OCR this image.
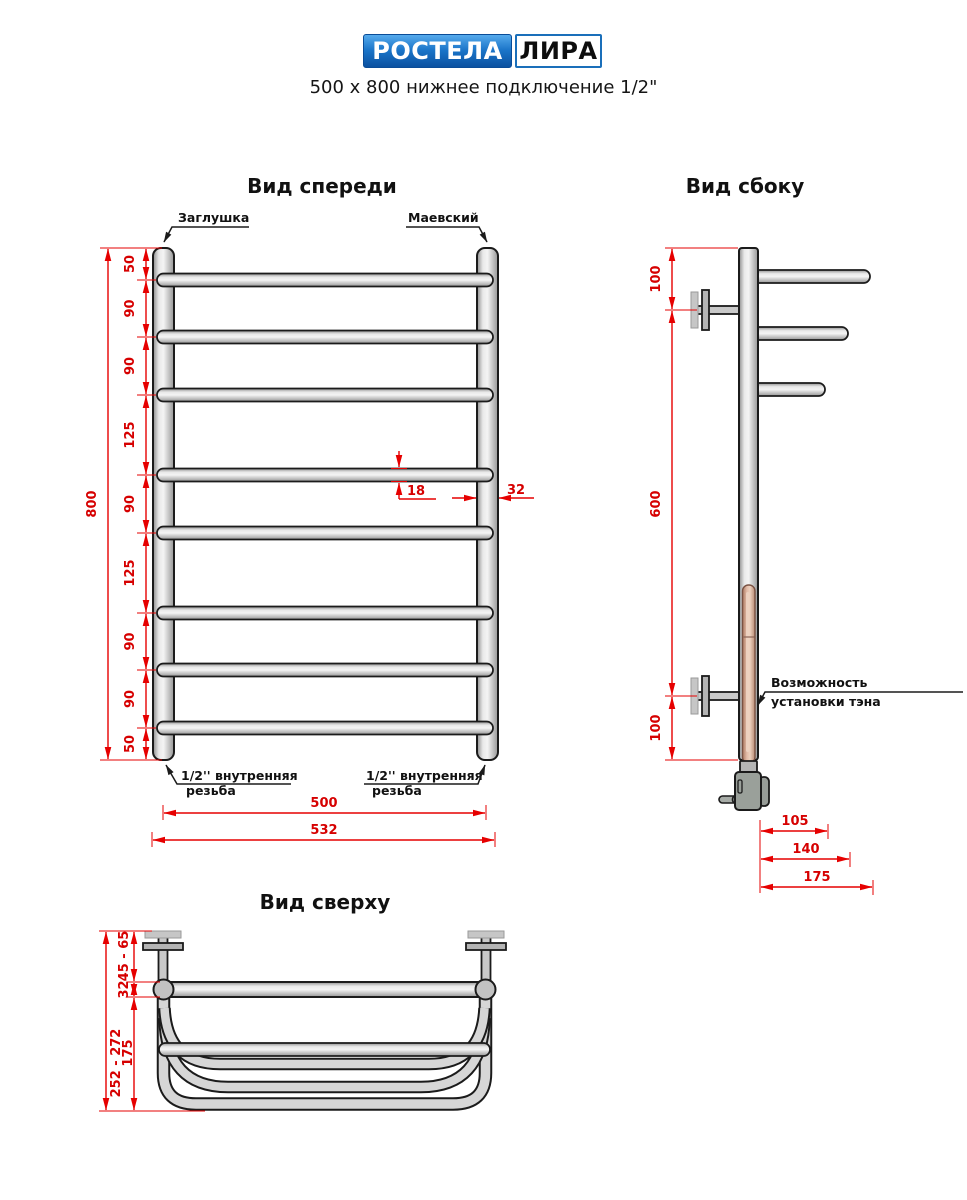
РОСТЕЛА ЛИРА
500 x 800 нижнее подключение 1/2"
Вид спереди
Заглушка	Маевский
800
50
90
90
125
90
125
90
90
50
18	32
1/2'' внутренняя
резьба
1/2'' внутренняя
резьба
500
532
Вид сбоку
Возможность
установки тэна
100
600
100
105
140
175
Вид сверху
252 - 272
45 - 65
32
175
